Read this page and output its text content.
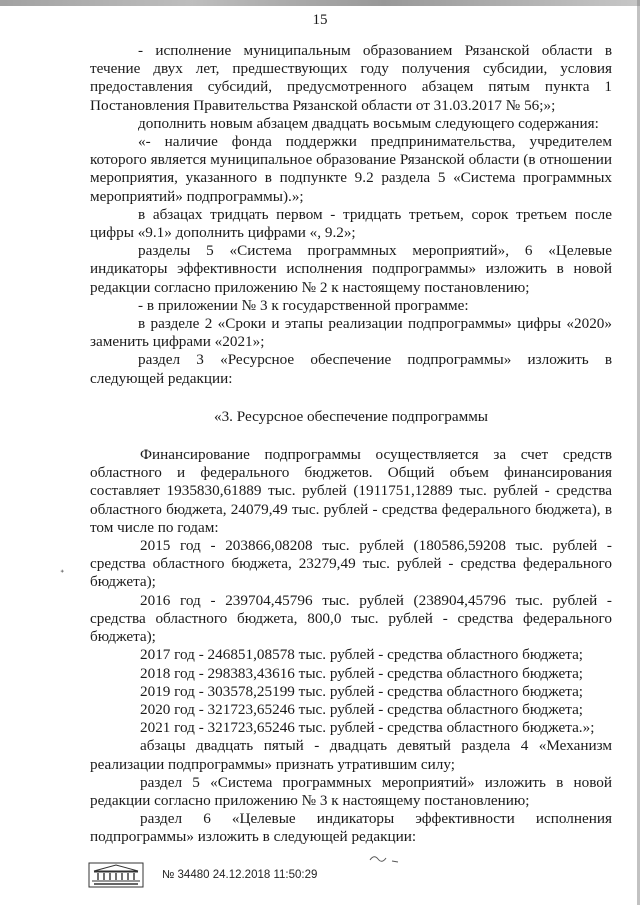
15

- исполнение муниципальным образованием Рязанской области в течение двух лет, предшествующих году получения субсидии, условия предоставления субсидий, предусмотренного абзацем пятым пункта 1 Постановления Правительства Рязанской области от 31.03.2017 № 56;»;

дополнить новым абзацем двадцать восьмым следующего содержания:

«- наличие фонда поддержки предпринимательства, учредителем которого является муниципальное образование Рязанской области (в отношении мероприятия, указанного в подпункте 9.2 раздела 5 «Система программных мероприятий» подпрограммы).»;

в абзацах тридцать первом - тридцать третьем, сорок третьем после цифры «9.1» дополнить цифрами «, 9.2»;

разделы 5 «Система программных мероприятий», 6 «Целевые индикаторы эффективности исполнения подпрограммы» изложить в новой редакции согласно приложению № 2 к настоящему постановлению;

- в приложении № 3 к государственной программе:

в разделе 2 «Сроки и этапы реализации подпрограммы» цифры «2020» заменить цифрами «2021»;

раздел 3 «Ресурсное обеспечение подпрограммы» изложить в следующей редакции:

«3. Ресурсное обеспечение подпрограммы

Финансирование подпрограммы осуществляется за счет средств областного и федерального бюджетов. Общий объем финансирования составляет 1935830,61889 тыс. рублей (1911751,12889 тыс. рублей - средства областного бюджета, 24079,49 тыс. рублей - средства федерального бюджета), в том числе по годам:

2015 год - 203866,08208 тыс. рублей (180586,59208 тыс. рублей - средства областного бюджета, 23279,49 тыс. рублей - средства федерального бюджета);

2016 год - 239704,45796 тыс. рублей (238904,45796 тыс. рублей - средства областного бюджета, 800,0 тыс. рублей - средства федерального бюджета);

2017 год - 246851,08578 тыс. рублей - средства областного бюджета;

2018 год - 298383,43616 тыс. рублей - средства областного бюджета;

2019 год - 303578,25199 тыс. рублей - средства областного бюджета;

2020 год - 321723,65246 тыс. рублей - средства областного бюджета;

2021 год - 321723,65246 тыс. рублей - средства областного бюджета.»;

абзацы двадцать пятый - двадцать девятый раздела 4 «Механизм реализации подпрограммы» признать утратившим силу;

раздел 5 «Система программных мероприятий» изложить в новой редакции согласно приложению № 3 к настоящему постановлению;

раздел 6 «Целевые индикаторы эффективности исполнения подпрограммы» изложить в следующей редакции:

ᐩ
№ 34480 24.12.2018 11:50:29
